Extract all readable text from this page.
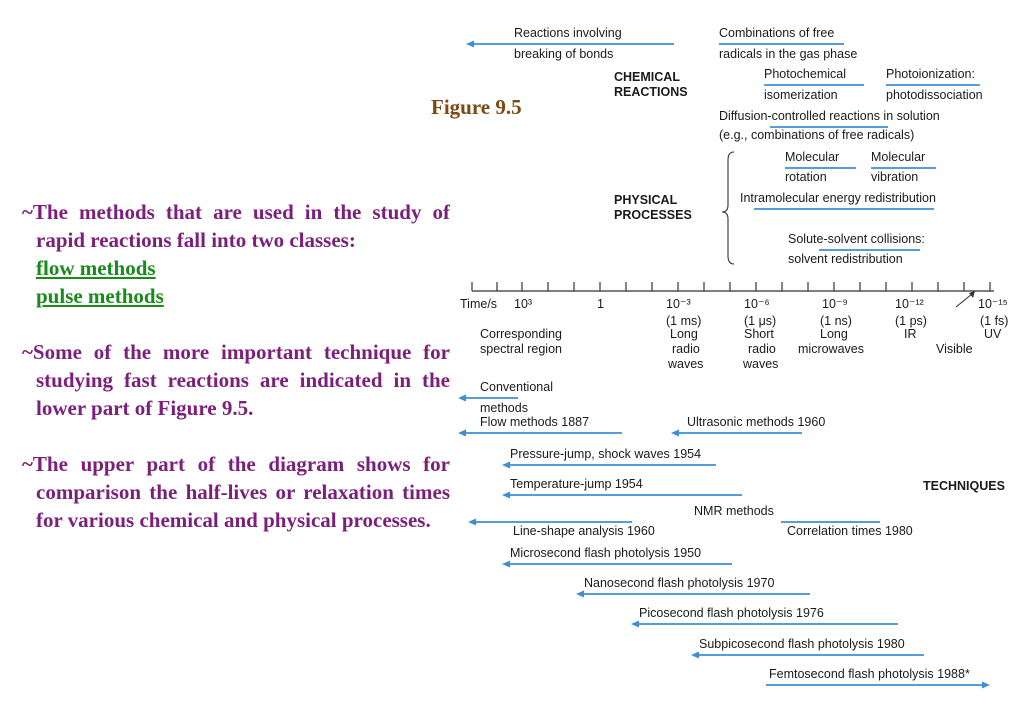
Figure 9.5
~The methods that are used in the study of rapid reactions fall into two classes:
flow methods
pulse methods
~Some of the more important technique for studying fast reactions are indicated in the lower part of Figure 9.5.
~The upper part of the diagram shows for comparison the half-lives or relaxation times for various chemical and physical processes.
Reactions involving
breaking of bonds
Combinations of free
radicals in the gas phase
CHEMICAL
REACTIONS
Photochemical
isomerization
Photoionization:
photodissociation
Diffusion-controlled reactions in solution
(e.g., combinations of free radicals)
Molecular
rotation
Molecular
vibration
PHYSICAL
PROCESSES
Intramolecular energy redistribution
Solute-solvent collisions:
solvent redistribution
Time/s 10³	1	10⁻³	10⁻⁶	10⁻⁹	10⁻¹²	10⁻¹⁵
(1 ms)	(1 μs)	(1 ns)	(1 ps)	(1 fs)
Corresponding
spectral region
Long
radio
waves
Short
radio
waves
Long
microwaves
IR
Visible
UV
Conventional
methods
Flow methods 1887	Ultrasonic methods 1960
Pressure-jump, shock waves 1954
Temperature-jump 1954	TECHNIQUES
NMR methods
Line-shape analysis 1960	Correlation times 1980
Microsecond flash photolysis 1950
Nanosecond flash photolysis 1970
Picosecond flash photolysis 1976
Subpicosecond flash photolysis 1980
Femtosecond flash photolysis 1988*
